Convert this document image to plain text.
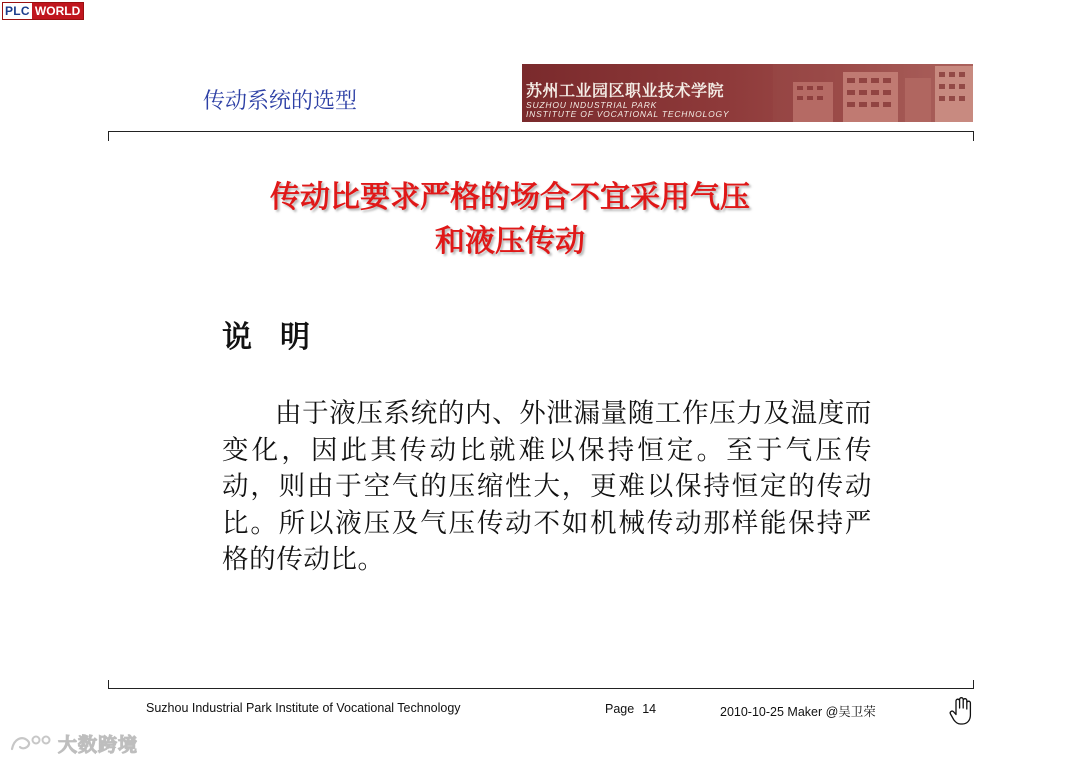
PLC WORLD
传动系统的选型	苏州工业园区职业技术学院
SUZHOU INDUSTRIAL PARK
INSTITUTE OF VOCATIONAL TECHNOLOGY
传动比要求严格的场合不宜采用气压
和液压传动
说明
由于液压系统的内、外泄漏量随工作压力及温度而变化，因此其传动比就难以保持恒定。至于气压传动，则由于空气的压缩性大，更难以保持恒定的传动比。所以液压及气压传动不如机械传动那样能保持严格的传动比。
Suzhou Industrial Park Institute of Vocational Technology	Page 14	2010-10-25 Maker @吴卫荣
大数跨境
